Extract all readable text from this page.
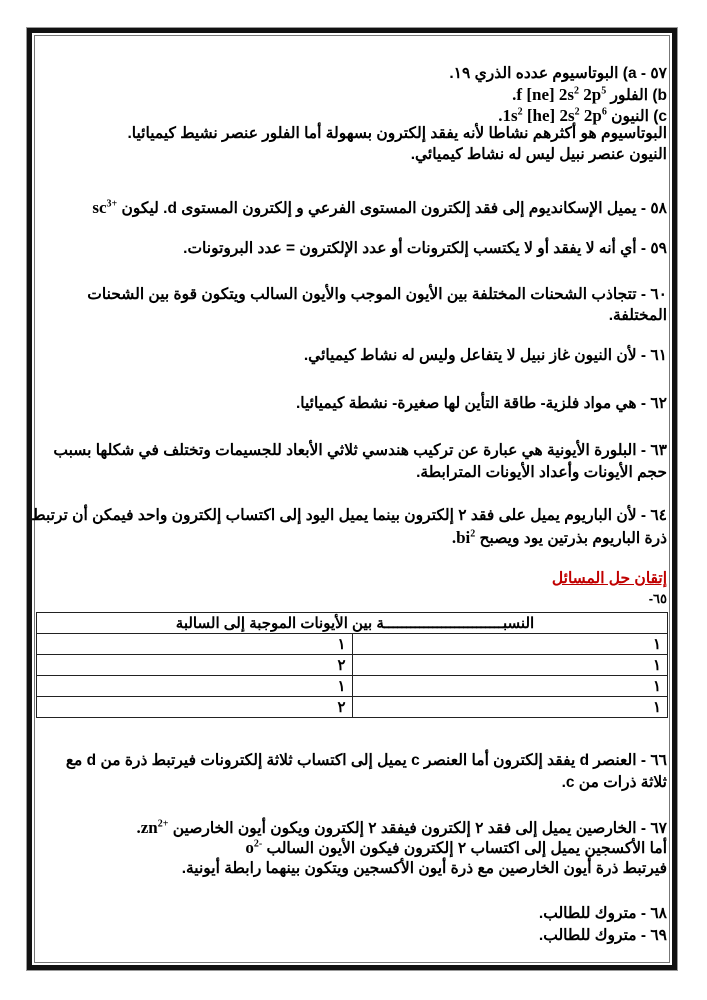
٥٧ - a) البوتاسيوم عدده الذري ١٩.
b) الفلور .f [ne] $2s^2$ $2p^5$
c) النيون $.1s^2$ [he] $2s^2$ $2p^6$
البوتاسيوم هو أكثرهم نشاطا لأنه يفقد إلكترون بسهولة أما الفلور عنصر نشيط كيميائيا.
النيون عنصر نبيل ليس له نشاط كيميائي.
٥٨ - يميل الإسكانديوم إلى فقد إلكترون المستوى الفرعي و إلكترون المستوى d. ليكون $sc^{3+}$
٥٩ - أي أنه لا يفقد أو لا يكتسب إلكترونات أو عدد الإلكترون = عدد البروتونات.
٦٠ - تتجاذب الشحنات المختلفة بين الأيون الموجب والأيون السالب ويتكون قوة بين الشحنات
المختلفة.
٦١ - لأن النيون غاز نبيل لا يتفاعل وليس له نشاط كيميائي.
٦٢ - هي مواد فلزية- طاقة التأين لها صغيرة- نشطة كيميائيا.
٦٣ - البلورة الأيونية هي عبارة عن تركيب هندسي ثلاثي الأبعاد للجسيمات وتختلف في شكلها بسبب
حجم الأيونات وأعداد الأيونات المترابطة.
٦٤ - لأن الباريوم يميل على فقد ٢ إلكترون بينما يميل اليود إلى اكتساب إلكترون واحد فيمكن أن ترتبط
ذرة الباريوم بذرتين يود ويصبح $.bi^2$
إتقان حل المسائل
٦٥-
النسبـــــــــــــــــــــــــــة بين الأيونات الموجبة إلى السالبة	
١	١
١	٢
١	١
١	٢
٦٦ - العنصر d يفقد إلكترون أما العنصر c يميل إلى اكتساب ثلاثة إلكترونات فيرتبط ذرة من d مع
ثلاثة ذرات من c.
٦٧ - الخارصين يميل إلى فقد ٢ إلكترون فيفقد ٢ إلكترون ويكون أيون الخارصين $.zn^{2+}$
أما الأكسجين يميل إلى اكتساب ٢ إلكترون فيكون الأيون السالب $o^{2-}$
فيرتبط ذرة أيون الخارصين مع ذرة أيون الأكسجين ويتكون بينهما رابطة أيونية.
٦٨ - متروك للطالب.
٦٩ - متروك للطالب.
